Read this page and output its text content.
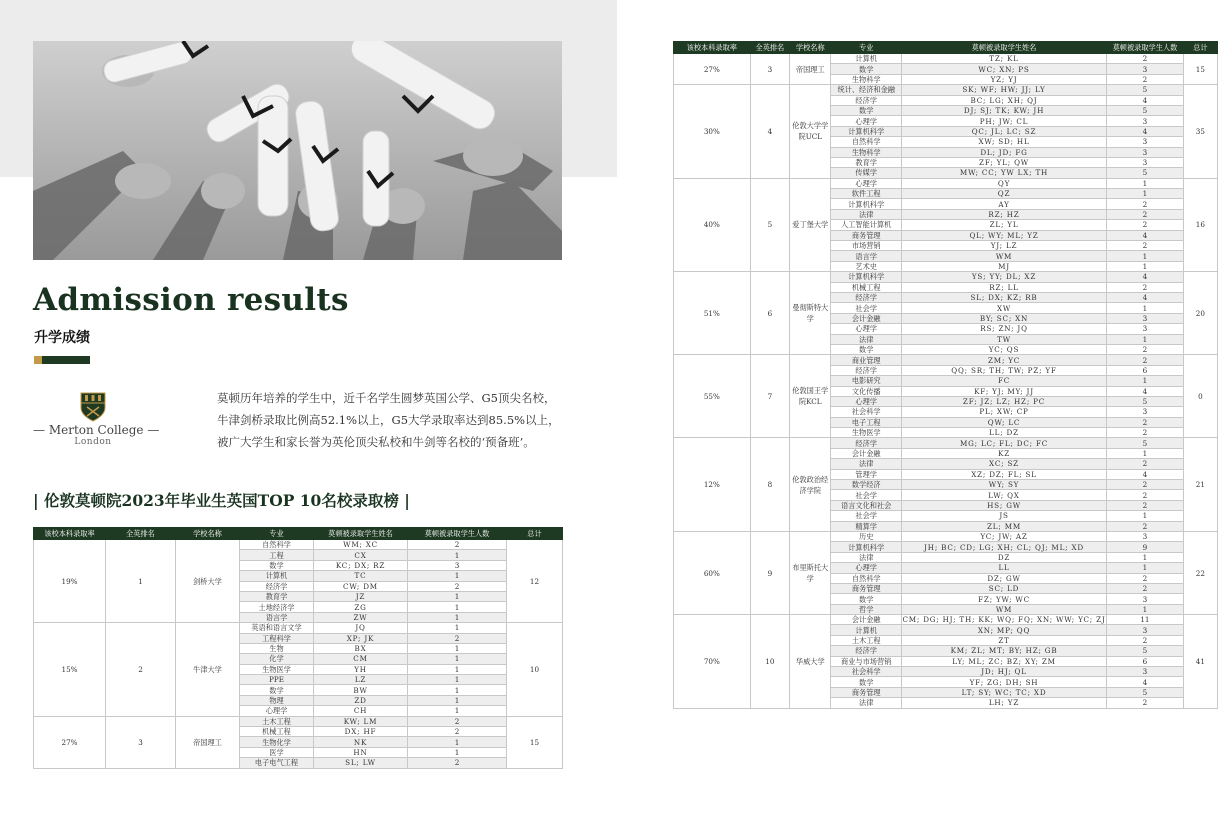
Admission results
升学成绩
— Merton College —
London

莫顿历年培养的学生中，近千名学生圆梦英国公学、G5顶尖名校，牛津剑桥录取比例高52.1%以上，G5大学录取率达到85.5%以上，被广大学生和家长誉为英伦顶尖私校和牛剑等名校的‘预备班’。

| 伦敦莫顿院2023年毕业生英国TOP 10名校录取榜 |
该校本科录取率	全英排名	学校名称	专业	莫顿被录取学生姓名	莫顿被录取学生人数	总计
19%	1	剑桥大学	自然科学	WM; XC	2	12
			工程	CX	1	
			数学	KC; DX; RZ	3	
			计算机	TC	1	
			经济学	CW; DM	2	
			教育学	JZ	1	
			土地经济学	ZG	1	
			语言学	ZW	1	
15%	2	牛津大学	英语和语言文学	JQ	1	10
			工程科学	XP; JK	2	
			生物	BX	1	
			化学	CM	1	
			生物医学	YH	1	
			PPE	LZ	1	
			数学	BW	1	
			物理	ZD	1	
			心理学	CH	1	
27%	3	帝国理工	土木工程	KW; LM	2	15
			机械工程	DX; HF	2	
			生物化学	NK	1	
			医学	HN	1	
			电子电气工程	SL; LW	2	
该校本科录取率	全英排名	学校名称	专业	莫顿被录取学生姓名	莫顿被录取学生人数	总计
27%	3	帝国理工	计算机	TZ; KL	2	15
			数学	WC; XN; PS	3	
			生物科学	YZ; YJ	2	
30%	4	伦敦大学学院UCL	统计、经济和金融	SK; WF; HW; JJ; LY	5	35
			经济学	BC; LG; XH; QJ	4	
			数学	DJ; SJ; TK; KW; JH	5	
			心理学	PH; JW; CL	3	
			计算机科学	QC; JL; LC; SZ	4	
			自然科学	XW; SD; HL	3	
			生物科学	DL; JD; FG	3	
			教育学	ZF; YL; QW	3	
			传媒学	MW; CC; YW LX; TH	5	
40%	5	爱丁堡大学	心理学	QY	1	16
			软件工程	QZ	1	
			计算机科学	AY	2	
			法律	RZ; HZ	2	
			人工智能计算机	ZL; YL	2	
			商务管理	QL; WY; ML; YZ	4	
			市场营销	YJ; LZ	2	
			语言学	WM	1	
			艺术史	MJ	1	
51%	6	曼彻斯特大学	计算机科学	YS; YY; DL; XZ	4	20
			机械工程	RZ; LL	2	
			经济学	SL; DX; KZ; RB	4	
			社会学	XW	1	
			会计金融	BY; SC; XN	3	
			心理学	RS; ZN; JQ	3	
			法律	TW	1	
			数学	YC; QS	2	
55%	7	伦敦国王学院KCL	商业管理	ZM; YC	2	0
			经济学	QQ; SR; TH; TW; PZ; YF	6	
			电影研究	FC	1	
			文化传播	KF; YJ; MY; JJ	4	
			心理学	ZF; JZ; LZ; HZ; PC	5	
			社会科学	PL; XW; CP	3	
			电子工程	QW; LC	2	
			生物医学	LL; DZ	2	
12%	8	伦敦政治经济学院	经济学	MG; LC; FL; DC; FC	5	21
			会计金融	KZ	1	
			法律	XC; SZ	2	
			管理学	XZ; DZ; FL; SL	4	
			数学经济	WY; SY	2	
			社会学	LW; QX	2	
			语言文化和社会	HS; GW	2	
			社会学	JS	1	
			精算学	ZL; MM	2	
60%	9	布里斯托大学	历史	YC; JW; AZ	3	22
			计算机科学	JH; BC; CD; LG; XH; CL; QJ; ML; XD	9	
			法律	DZ	1	
			心理学	LL	1	
			自然科学	DZ; GW	2	
			商务管理	SC; LD	2	
			数学	FZ; YW; WC	3	
			哲学	WM	1	
70%	10	华威大学	会计金融	CM; DG; HJ; TH; KK; WQ; FQ; XN; WW; YC; ZJ	11	41
			计算机	XN; MP; QQ	3	
			土木工程	ZT	2	
			经济学	KM; ZL; MT; BY; HZ; GB	5	
			商业与市场营销	LY; ML; ZC; BZ; XY; ZM	6	
			社会科学	JD; HJ; QL	3	
			数学	YF; ZG; DH; SH	4	
			商务管理	LT; SY; WC; TC; XD	5	
			法律	LH; YZ	2	
